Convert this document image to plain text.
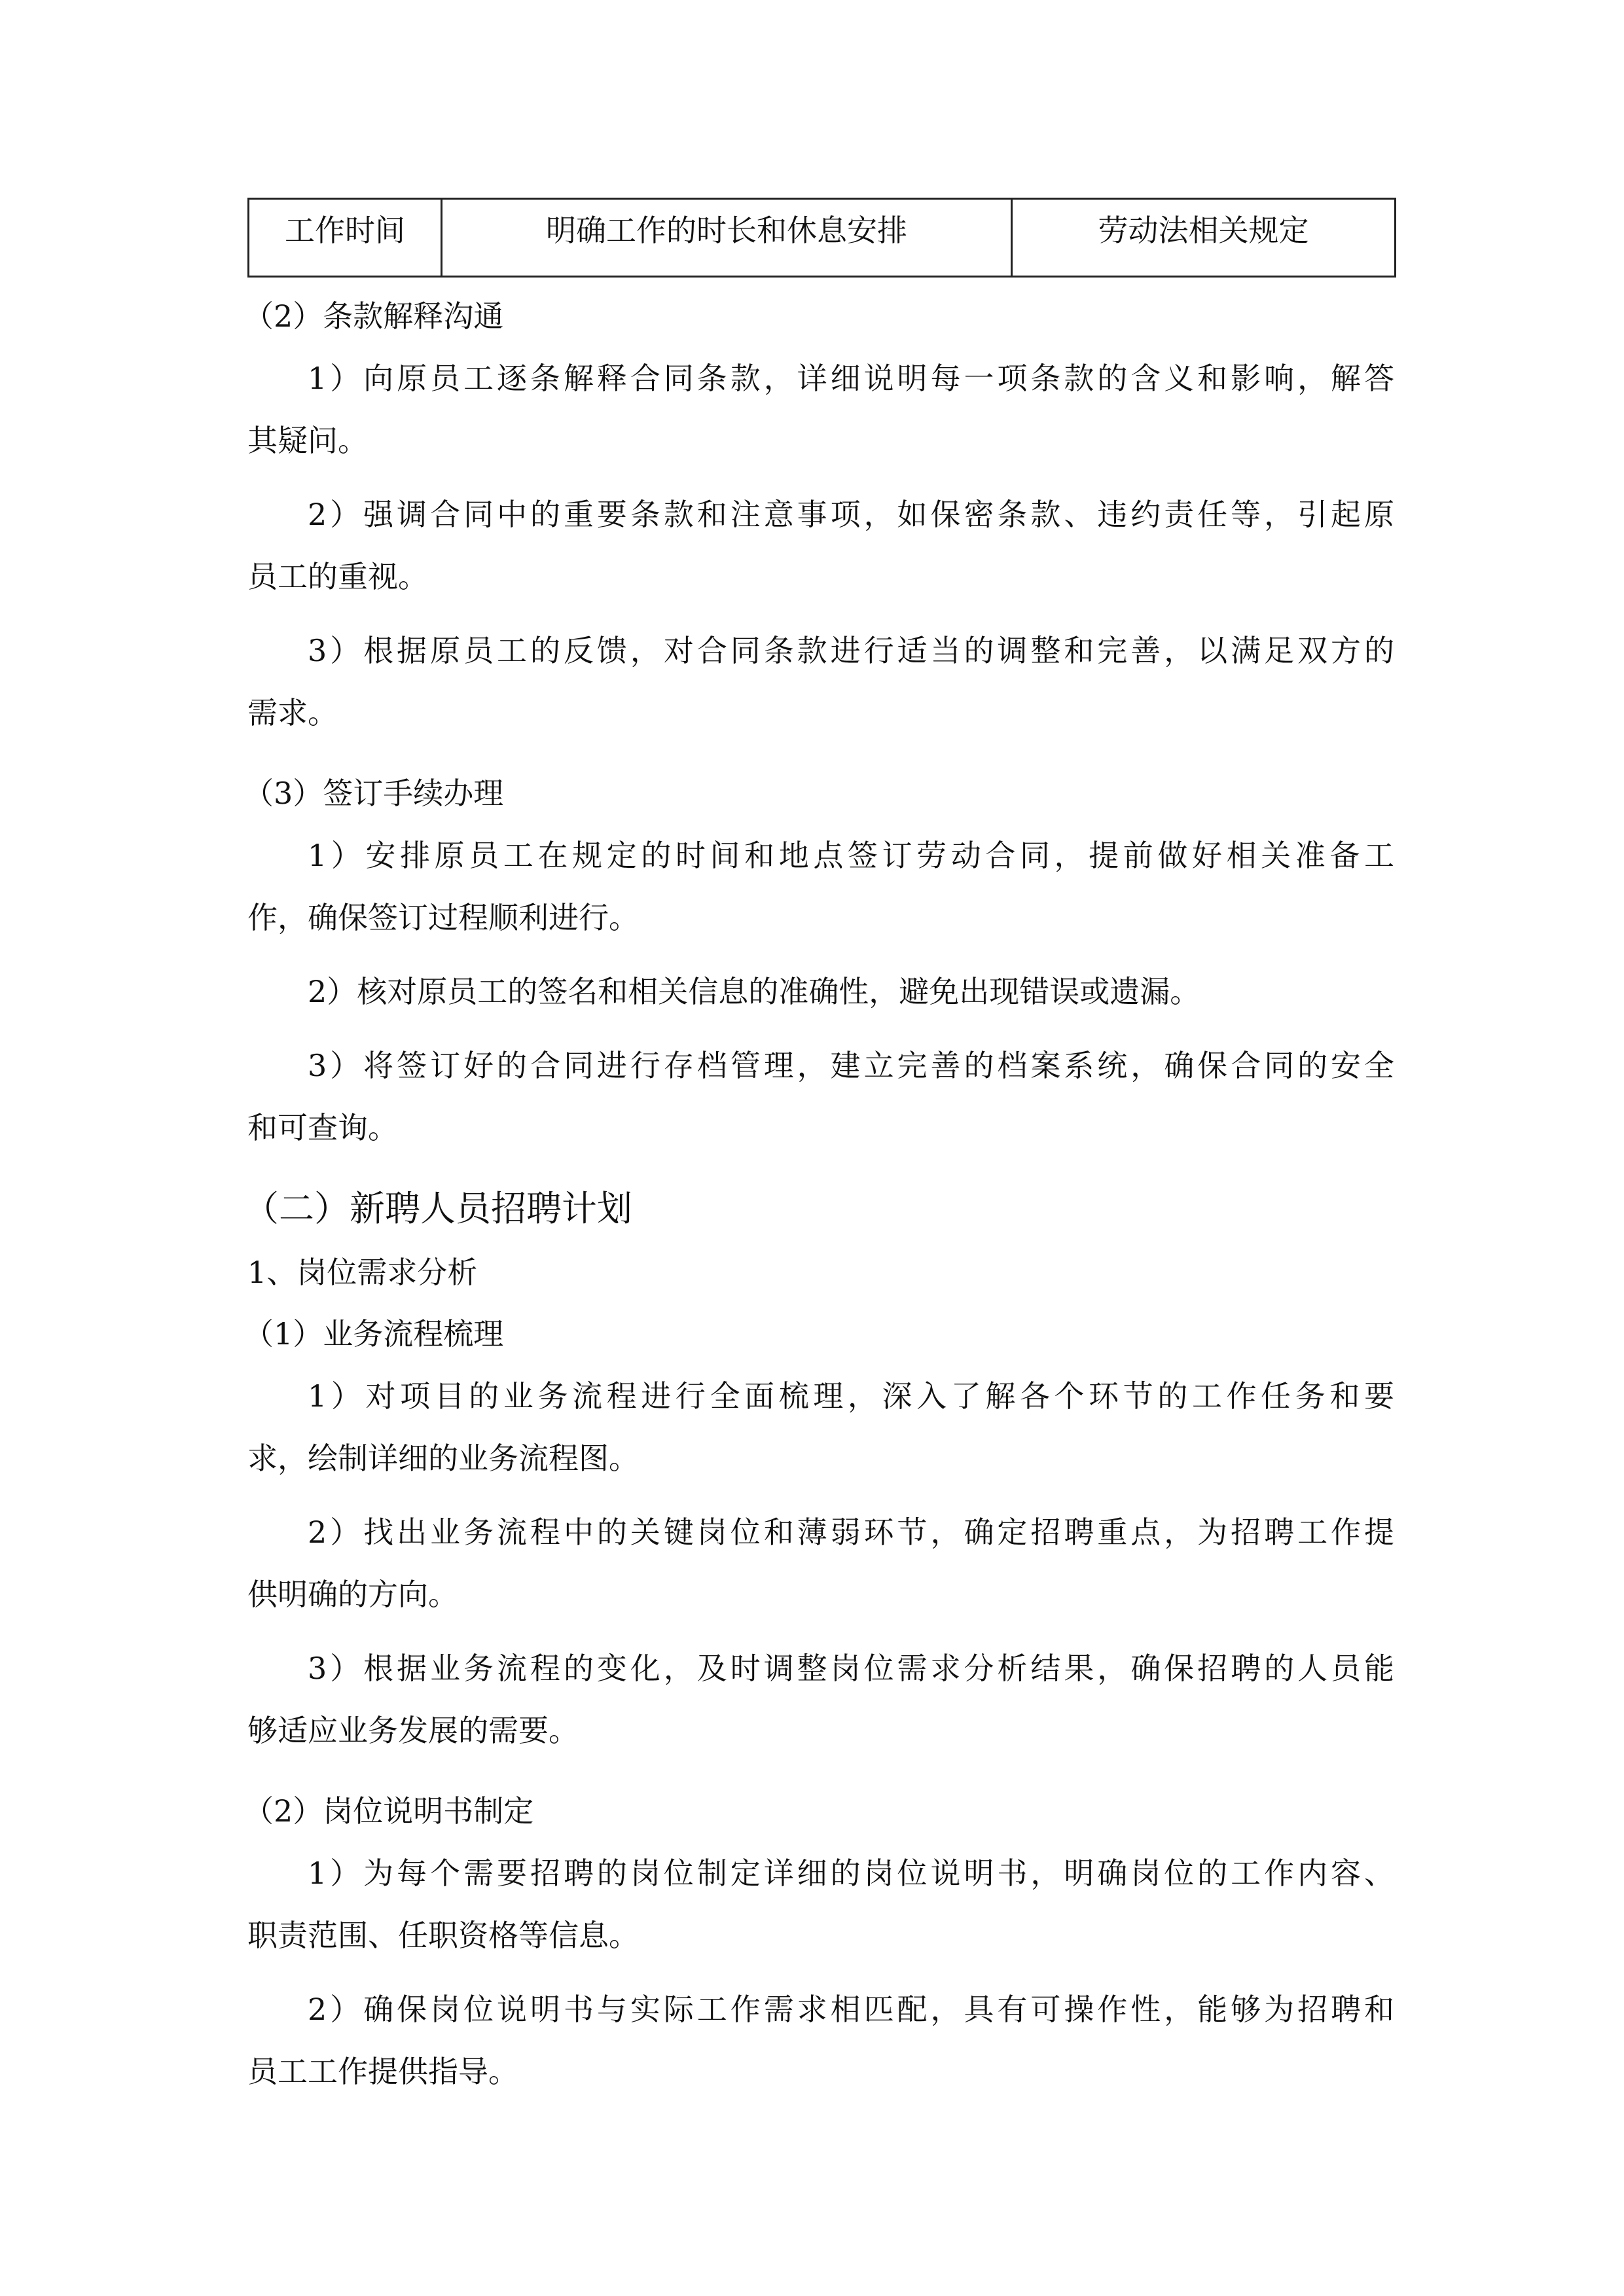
工作时间	明确工作的时长和休息安排	劳动法相关规定
（2）条款解释沟通
1）向原员工逐条解释合同条款，详细说明每一项条款的含义和影响，解答
其疑问。
2）强调合同中的重要条款和注意事项，如保密条款、违约责任等，引起原
员工的重视。
3）根据原员工的反馈，对合同条款进行适当的调整和完善，以满足双方的
需求。
（3）签订手续办理
1）安排原员工在规定的时间和地点签订劳动合同，提前做好相关准备工
作，确保签订过程顺利进行。
2）核对原员工的签名和相关信息的准确性，避免出现错误或遗漏。
3）将签订好的合同进行存档管理，建立完善的档案系统，确保合同的安全
和可查询。
（二）新聘人员招聘计划
1、岗位需求分析
（1）业务流程梳理
1）对项目的业务流程进行全面梳理，深入了解各个环节的工作任务和要
求，绘制详细的业务流程图。
2）找出业务流程中的关键岗位和薄弱环节，确定招聘重点，为招聘工作提
供明确的方向。
3）根据业务流程的变化，及时调整岗位需求分析结果，确保招聘的人员能
够适应业务发展的需要。
（2）岗位说明书制定
1）为每个需要招聘的岗位制定详细的岗位说明书，明确岗位的工作内容、
职责范围、任职资格等信息。
2）确保岗位说明书与实际工作需求相匹配，具有可操作性，能够为招聘和
员工工作提供指导。
